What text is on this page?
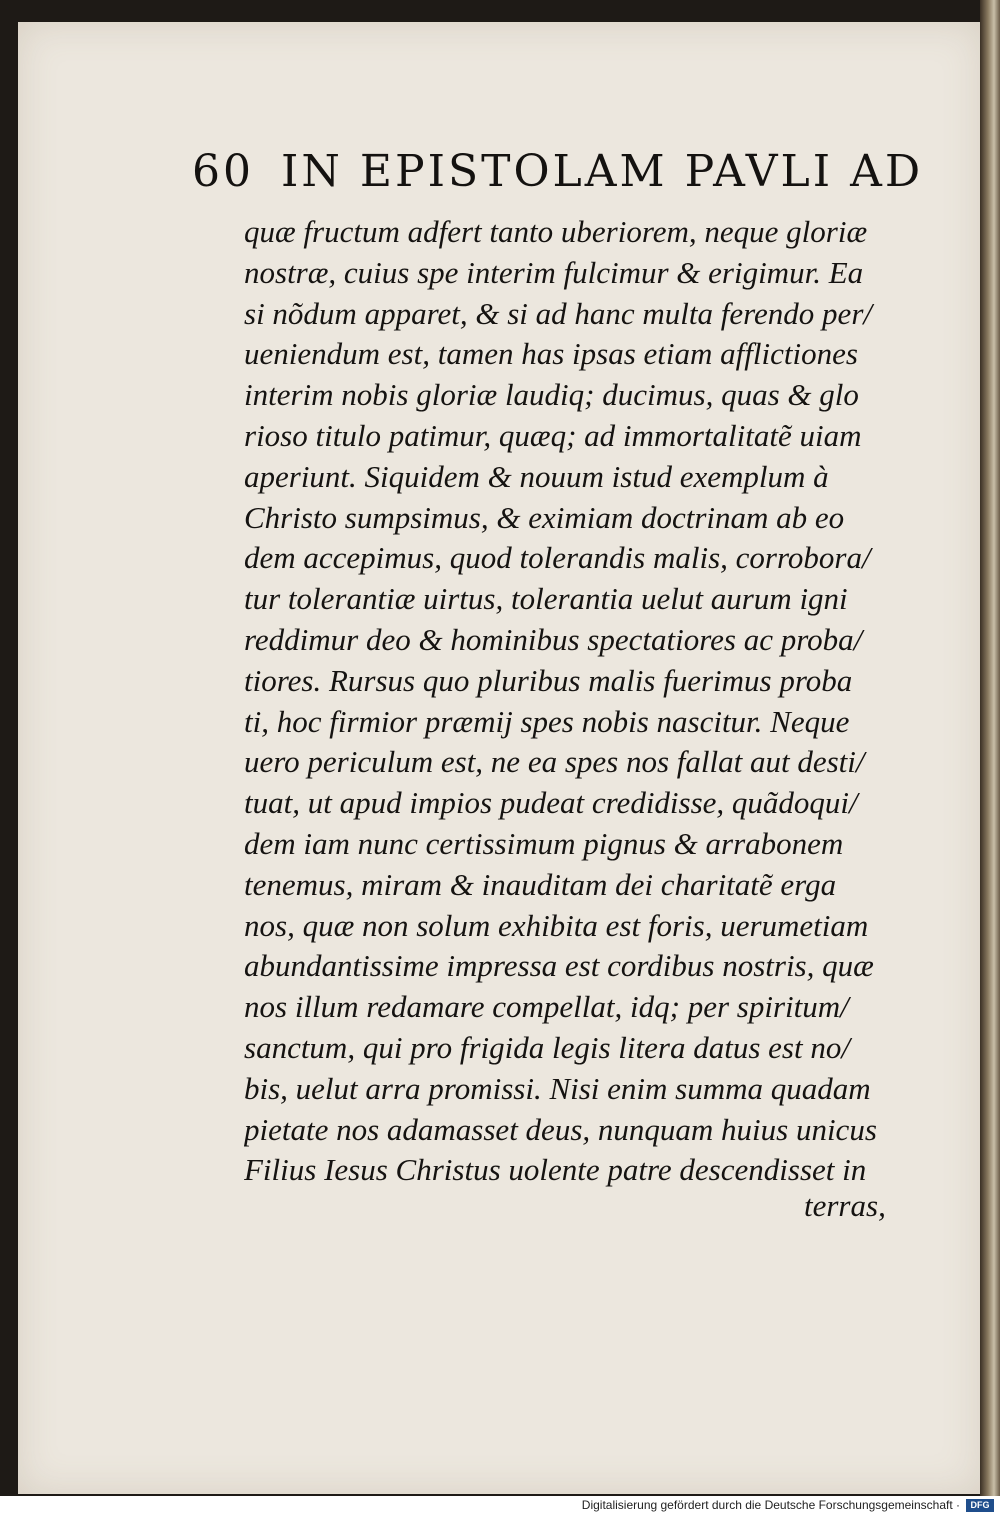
60 IN EPISTOLAM PAVLI AD
quæ fructum adfert tanto uberiorem, neque gloriæ
nostræ, cuius spe interim fulcimur & erigimur. Ea
si nõdum apparet, & si ad hanc multa ferendo per/
ueniendum est, tamen has ipsas etiam afflictiones
interim nobis gloriæ laudiq; ducimus, quas & glo
rioso titulo patimur, quæq; ad immortalitatẽ uiam
aperiunt. Siquidem & nouum istud exemplum à
Christo sumpsimus, & eximiam doctrinam ab eo
dem accepimus, quod tolerandis malis, corrobora/
tur tolerantiæ uirtus, tolerantia uelut aurum igni
reddimur deo & hominibus spectatiores ac proba/
tiores. Rursus quo pluribus malis fuerimus proba
ti, hoc firmior præmij spes nobis nascitur. Neque
uero periculum est, ne ea spes nos fallat aut desti/
tuat, ut apud impios pudeat credidisse, quãdoqui/
dem iam nunc certissimum pignus & arrabonem
tenemus, miram & inauditam dei charitatẽ erga
nos, quæ non solum exhibita est foris, uerumetiam
abundantissime impressa est cordibus nostris, quæ
nos illum redamare compellat, idq; per spiritum/
sanctum, qui pro frigida legis litera datus est no/
bis, uelut arra promissi. Nisi enim summa quadam
pietate nos adamasset deus, nunquam huius unicus
Filius Iesus Christus uolente patre descendisset in
terras,
Digitalisierung gefördert durch die Deutsche Forschungsgemeinschaft ·	DFG
